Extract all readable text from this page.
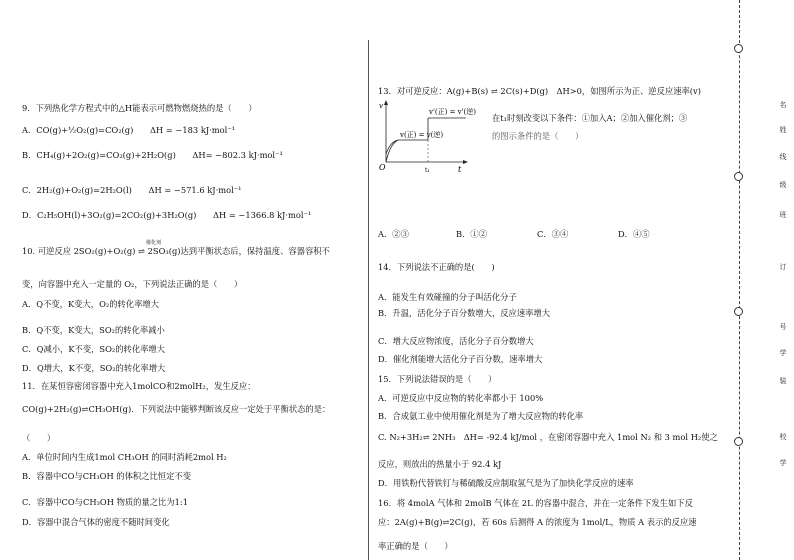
9．下列热化学方程式中的△H能表示可燃物燃烧热的是（　　）
A．CO(g)+½O₂(g)=CO₂(g)　　ΔH = −183 kJ·mol⁻¹
B．CH₄(g)+2O₂(g)=CO₂(g)+2H₂O(g)　　ΔH= −802.3 kJ·mol⁻¹
C．2H₂(g)+O₂(g)=2H₂O(l)　　ΔH = −571.6 kJ·mol⁻¹
D．C₂H₅OH(l)+3O₂(g)=2CO₂(g)+3H₂O(g)　　ΔH = −1366.8 kJ·mol⁻¹
10. 可逆反应 2SO₂(g)+O₂(g) ⇌ 2SO₃(g)达到平衡状态后，保持温度、容器容积不
催化剂
变，向容器中充入一定量的 O₂，下列说法正确的是（　　）
A．Q不变，K变大，O₂的转化率增大
B．Q不变，K变大，SO₂的转化率减小
C．Q减小，K不变，SO₂的转化率增大
D．Q增大，K不变，SO₂的转化率增大
11．在某恒容密闭容器中充入1molCO和2molH₂，发生反应：
CO(g)+2H₂(g)⇌CH₃OH(g)．下列说法中能够判断该反应一定处于平衡状态的是：
（　　）
A．单位时间内生成1mol CH₃OH 的同时消耗2mol H₂
B．容器中CO与CH₃OH 的体积之比恒定不变
C．容器中CO与CH₃OH 物质的量之比为1:1
D．容器中混合气体的密度不随时间变化
13．对可逆反应：A(g)+B(s) ⇌ 2C(s)+D(g)　ΔH>0，如图所示为正、逆反应速率(v)
在t₁时刻改变以下条件：①加入A；②加入催化剂；③
的图示条件的是（　　）
v
t
O	t₁
v'(正) = v'(逆)
v(正) = v(逆)
A．②③	B．①②	C．③④	D．④⑤
14．下列说法不正确的是(　　)
A．能发生有效碰撞的分子叫活化分子
B．升温，活化分子百分数增大，反应速率增大
C．增大反应物浓度，活化分子百分数增大
D．催化剂能增大活化分子百分数，速率增大
15．下列说法错误的是（　　）
A．可逆反应中反应物的转化率都小于 100%
B．合成氨工业中使用催化剂是为了增大反应物的转化率
C. N₂+3H₂⇌ 2NH₃　ΔH= -92.4 kJ/mol ，在密闭容器中充入 1mol N₂ 和 3 mol H₂使之
反应，则放出的热量小于 92.4 kJ
D．用铁粉代替铁钉与稀硫酸反应制取氢气是为了加快化学反应的速率
16．将 4molA 气体和 2molB 气体在 2L 的容器中混合，并在一定条件下发生如下反
应：2A(g)+B(g)⇌2C(g)，若 60s 后测得 A 的浓度为 1mol/L，物质 A 表示的反应速
率正确的是（　　）
名
姓
线
级
班
订
号
学
装
校
学
